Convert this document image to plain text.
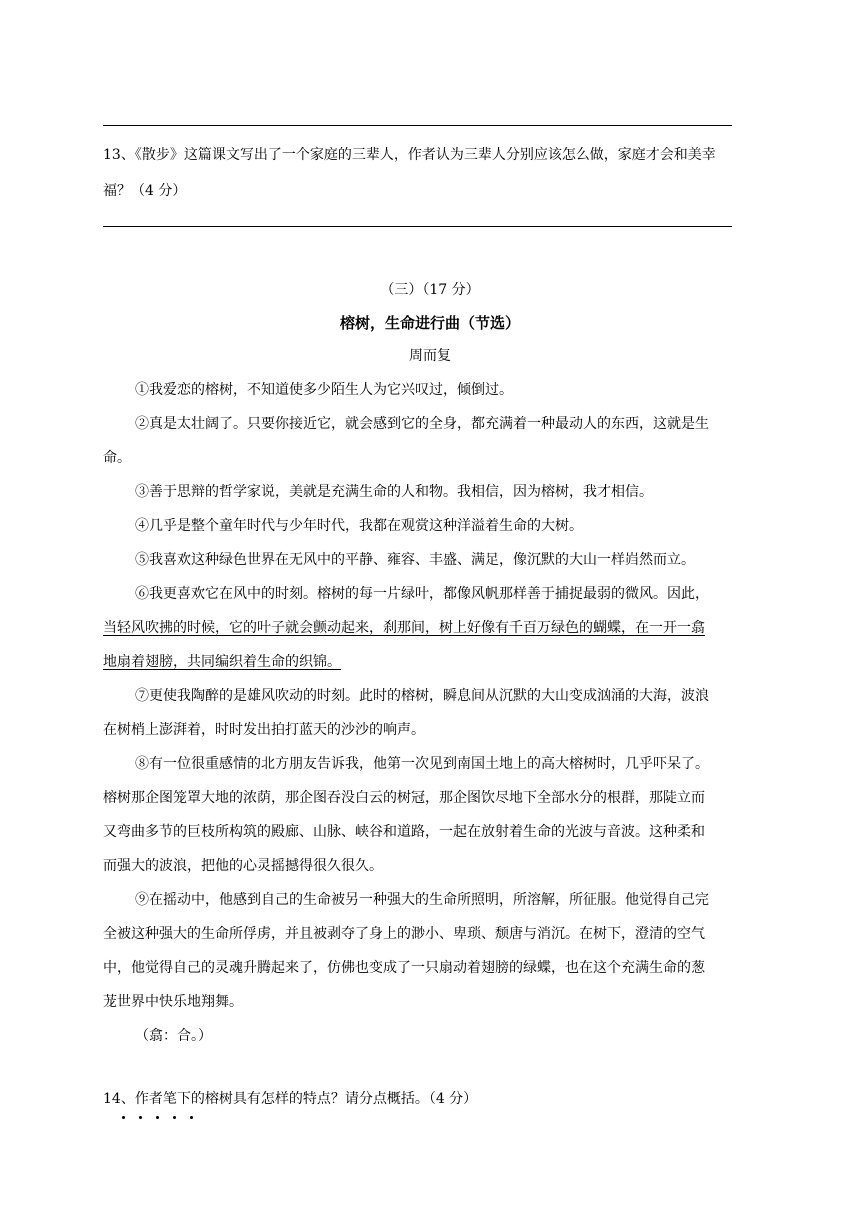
13、《散步》这篇课文写出了一个家庭的三辈人，作者认为三辈人分别应该怎么做，家庭才会和美幸
福？（4 分）
（三）（17 分）
榕树，生命进行曲（节选）
周而复
①我爱恋的榕树，不知道使多少陌生人为它兴叹过，倾倒过。
②真是太壮阔了。只要你接近它，就会感到它的全身，都充满着一种最动人的东西，这就是生
命。
③善于思辩的哲学家说，美就是充满生命的人和物。我相信，因为榕树，我才相信。
④几乎是整个童年时代与少年时代，我都在观赏这种洋溢着生命的大树。
⑤我喜欢这种绿色世界在无风中的平静、雍容、丰盛、满足，像沉默的大山一样岿然而立。
⑥我更喜欢它在风中的时刻。榕树的每一片绿叶，都像风帆那样善于捕捉最弱的微风。因此，
当轻风吹拂的时候，它的叶子就会颤动起来，刹那间，树上好像有千百万绿色的蝴蝶，在一开一翕
地扇着翅膀，共同编织着生命的织锦。
⑦更使我陶醉的是雄风吹动的时刻。此时的榕树，瞬息间从沉默的大山变成汹涌的大海，波浪
在树梢上澎湃着，时时发出拍打蓝天的沙沙的响声。
⑧有一位很重感情的北方朋友告诉我，他第一次见到南国土地上的高大榕树时，几乎吓呆了。
榕树那企图笼罩大地的浓荫，那企图吞没白云的树冠，那企图饮尽地下全部水分的根群，那陡立而
又弯曲多节的巨枝所构筑的殿廊、山脉、峡谷和道路，一起在放射着生命的光波与音波。这种柔和
而强大的波浪，把他的心灵摇撼得很久很久。
⑨在摇动中，他感到自己的生命被另一种强大的生命所照明，所溶解，所征服。他觉得自己完
全被这种强大的生命所俘虏，并且被剥夺了身上的渺小、卑琐、颓唐与消沉。在树下，澄清的空气
中，他觉得自己的灵魂升腾起来了，仿佛也变成了一只扇动着翅膀的绿蝶，也在这个充满生命的葱
茏世界中快乐地翔舞。
（翕：合。）
14、作者笔下的榕树具有怎样的特点？请分点概括。（4 分）
